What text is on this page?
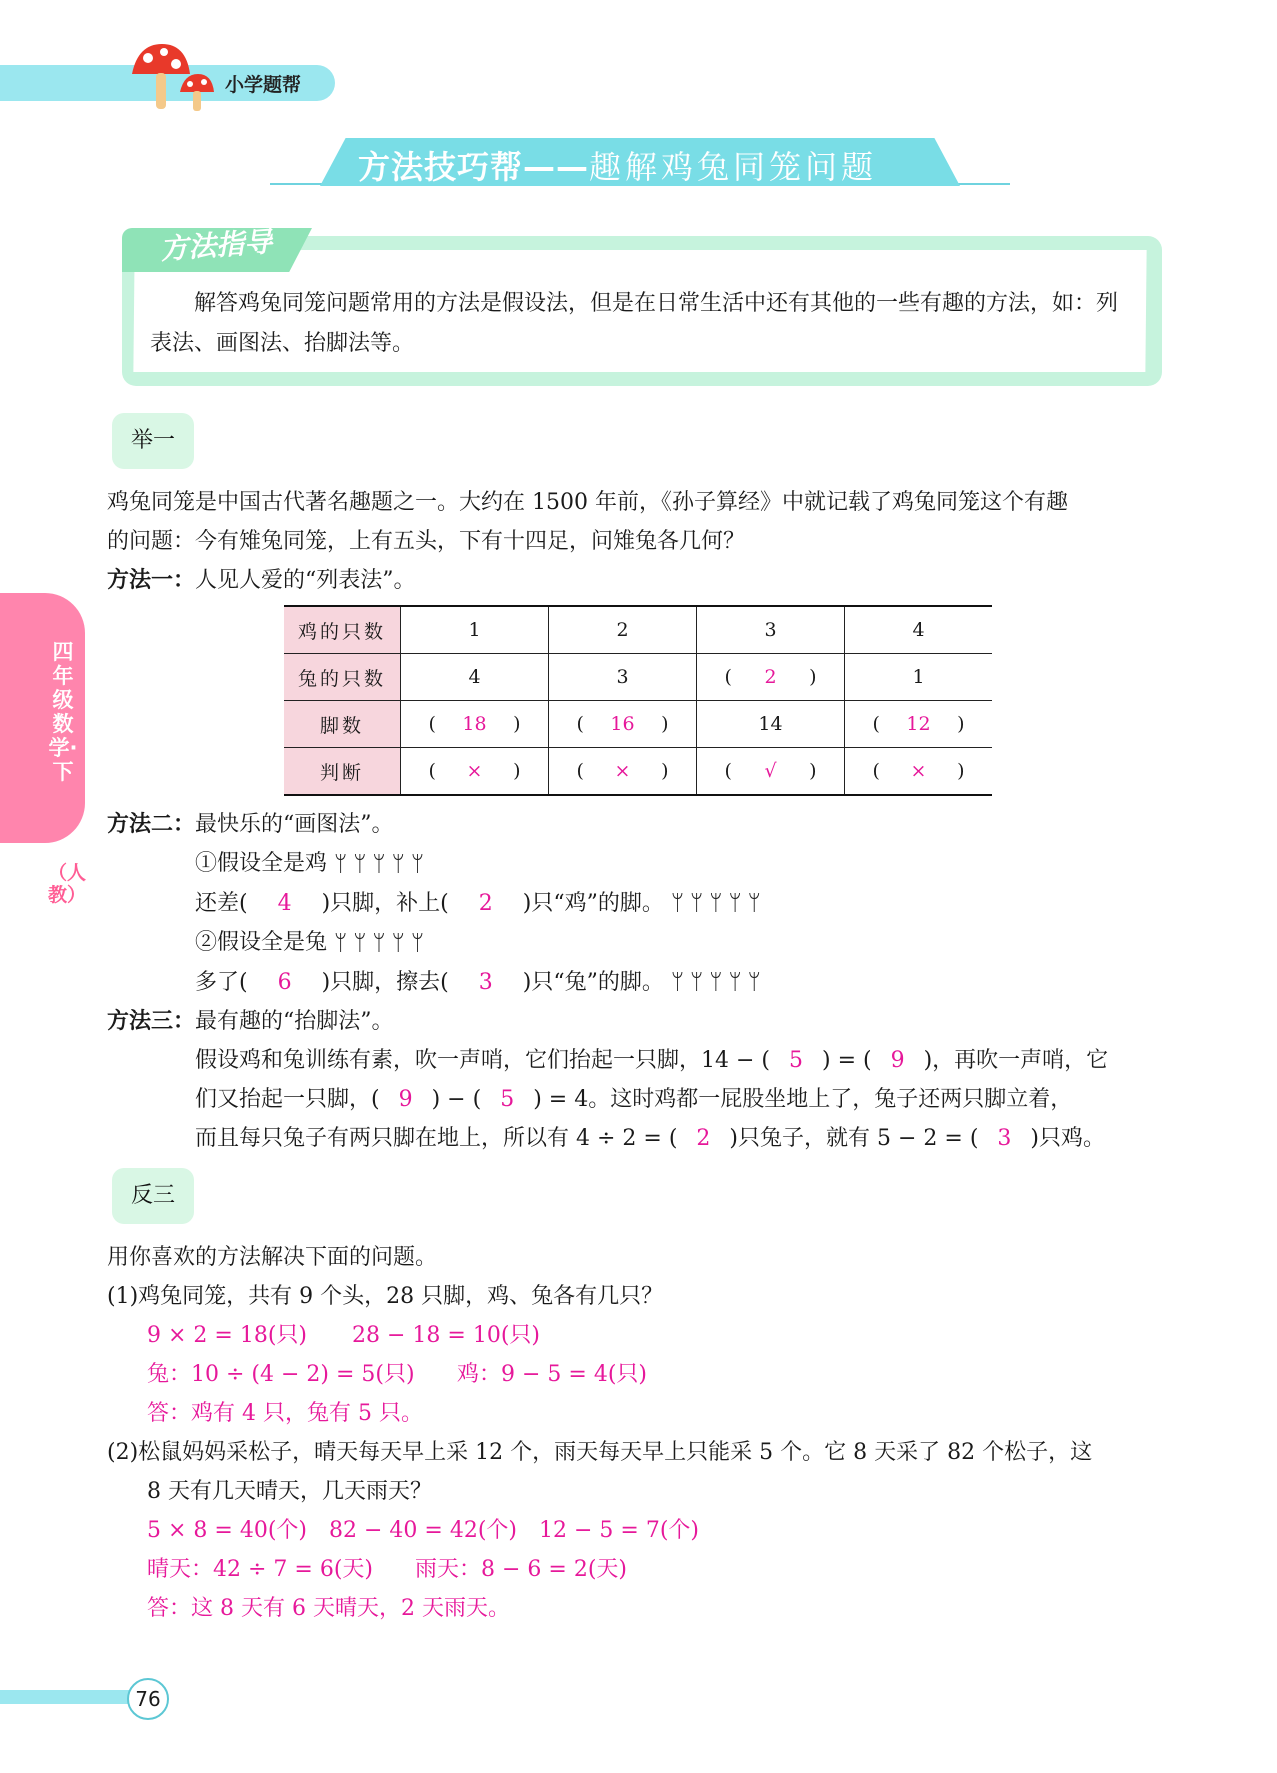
小学题帮
方法技巧帮——趣解鸡兔同笼问题
方法指导
解答鸡兔同笼问题常用的方法是假设法，但是在日常生活中还有其他的一些有趣的方法，如：列表法、画图法、抬脚法等。
四年级数学·下
（人教）
举一
鸡兔同笼是中国古代著名趣题之一。大约在 1500 年前，《孙子算经》中就记载了鸡兔同笼这个有趣
的问题：今有雉兔同笼，上有五头，下有十四足，问雉兔各几何？
方法一：人见人爱的“列表法”。
鸡的只数	1	2	3	4
兔的只数	4	3	( 2 )	1
脚数	( 18 )	( 16 )	14	( 12 )

判断	( × )	( × )	( √ )	( × )
方法二：最快乐的“画图法”。
①假设全是鸡 ᛘᛘᛘᛘᛘ
还差( 4 )只脚，补上( 2 )只“鸡”的脚。 ᛘᛘᛘᛘᛘ
②假设全是兔 ᛘᛘᛘᛘᛘ
多了( 6 )只脚，擦去( 3 )只“兔”的脚。 ᛘᛘᛘᛘᛘ
方法三：最有趣的“抬脚法”。
假设鸡和兔训练有素，吹一声哨，它们抬起一只脚，14 − ( 5 ) = ( 9 )，再吹一声哨，它
们又抬起一只脚，( 9 ) − ( 5 ) = 4。这时鸡都一屁股坐地上了，兔子还两只脚立着，
而且每只兔子有两只脚在地上，所以有 4 ÷ 2 = ( 2 )只兔子，就有 5 − 2 = ( 3 )只鸡。
反三
用你喜欢的方法解决下面的问题。
(1)鸡兔同笼，共有 9 个头，28 只脚，鸡、兔各有几只？
9 × 2 = 18(只) 28 − 18 = 10(只)
兔：10 ÷ (4 − 2) = 5(只) 鸡：9 − 5 = 4(只)
答：鸡有 4 只，兔有 5 只。
(2)松鼠妈妈采松子，晴天每天早上采 12 个，雨天每天早上只能采 5 个。它 8 天采了 82 个松子，这
8 天有几天晴天，几天雨天？
5 × 8 = 40(个) 82 − 40 = 42(个) 12 − 5 = 7(个)
晴天：42 ÷ 7 = 6(天) 雨天：8 − 6 = 2(天)
答：这 8 天有 6 天晴天，2 天雨天。
76
